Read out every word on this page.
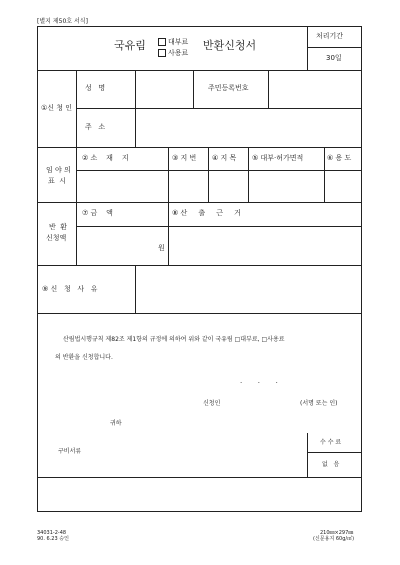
[별지 제50호 서식]
국유림	대부료
사용료
반환신청서
처리기간
30일
①신 청 인
성   명	주민등록번호
주   소
임 야 의
표  시
② 소    재    지	③ 지 번 ④ 지 목 ⑤ 대부·허가면적	⑥ 용 도
반  환
신청액
⑦ 금    액	⑧ 산     출     근     거
원
⑨ 신   청   사   유
산림법시행규칙 제82조 제1항의 규정에 의하여 위와 같이 국유림 □대부료, □사용료
의 반환을 신청합니다.
.       .       .
신청인	(서명 또는 인)
귀하
구비서류
수 수 료
없   음
34031-2-48
90. 6.23 승인
210㎜×297㎜
(신문용지 60g/㎡)
